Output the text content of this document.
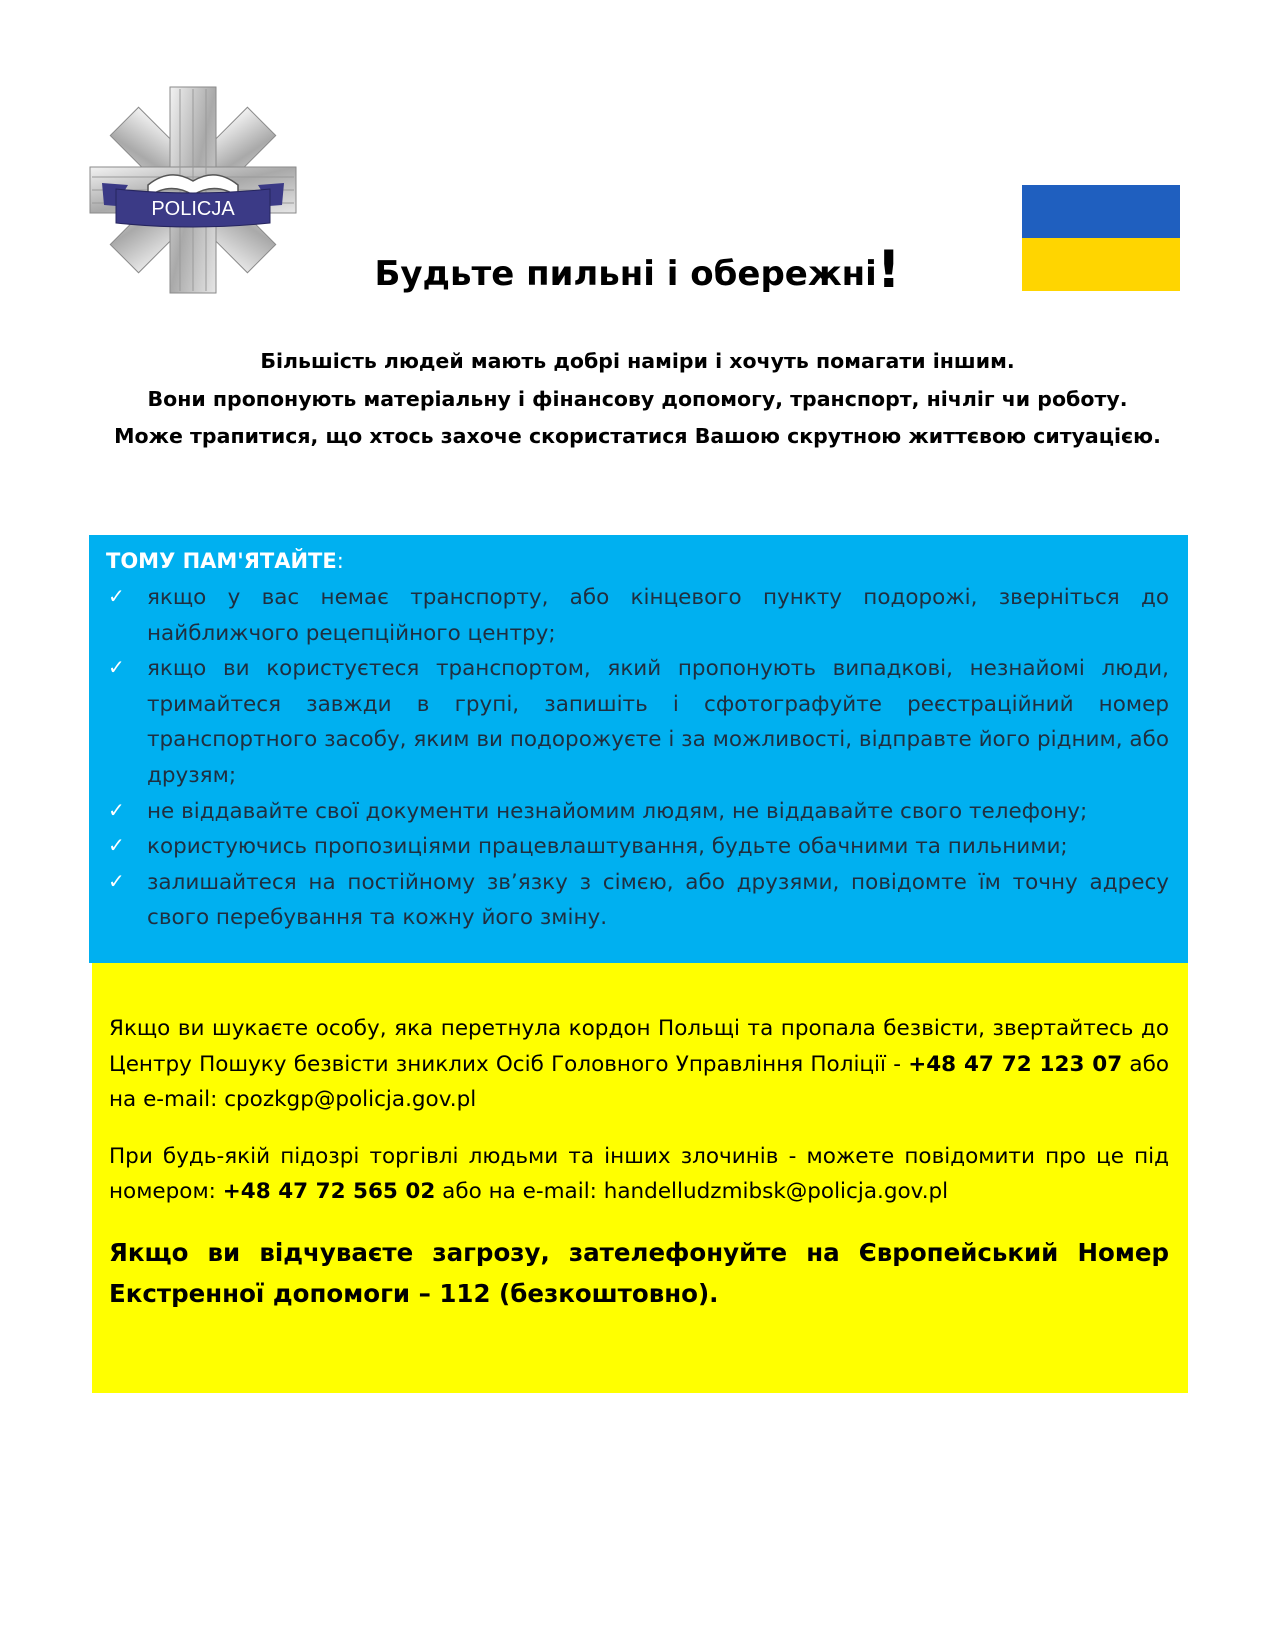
POLICJA
Будьте пильні і обережні!

Більшість людей мають добрі наміри і хочуть помагати іншим.

Вони пропонують матеріальну і фінансову допомогу, транспорт, нічліг чи роботу.

Може трапитися, що хтось захоче скористатися Вашою скрутною життєвою ситуацією.

ТОМУ ПАМ'ЯТАЙТЕ:
✓ якщо у вас немає транспорту, або кінцевого пункту подорожі, зверніться до найближчого рецепційного центру;
✓ якщо ви користуєтеся транспортом, який пропонують випадкові, незнайомі люди, тримайтеся завжди в групі, запишіть і сфотографуйте реєстраційний номер транспортного засобу, яким ви подорожуєте і за можливості, відправте його рідним, або друзям;
✓ не віддавайте свої документи незнайомим людям, не віддавайте свого телефону;
✓ користуючись пропозиціями працевлаштування, будьте обачними та пильними;
✓ залишайтеся на постійному зв’язку з сімєю, або друзями, повідомте їм точну адресу свого перебування та кожну його зміну.

Якщо ви шукаєте особу, яка перетнула кордон Польщі та пропала безвісти, звертайтесь до Центру Пошуку безвісти зниклих Осіб Головного Управління Поліції - +48 47 72 123 07 або на e-mail: cpozkgp@policja.gov.pl

При будь-якій підозрі торгівлі людьми та інших злочинів - можете повідомити про це під номером: +48 47 72 565 02 або на e-mail: handelludzmibsk@policja.gov.pl

Якщо ви відчуваєте загрозу, зателефонуйте на Європейський Номер Екстренної допомоги – 112 (безкоштовно).
